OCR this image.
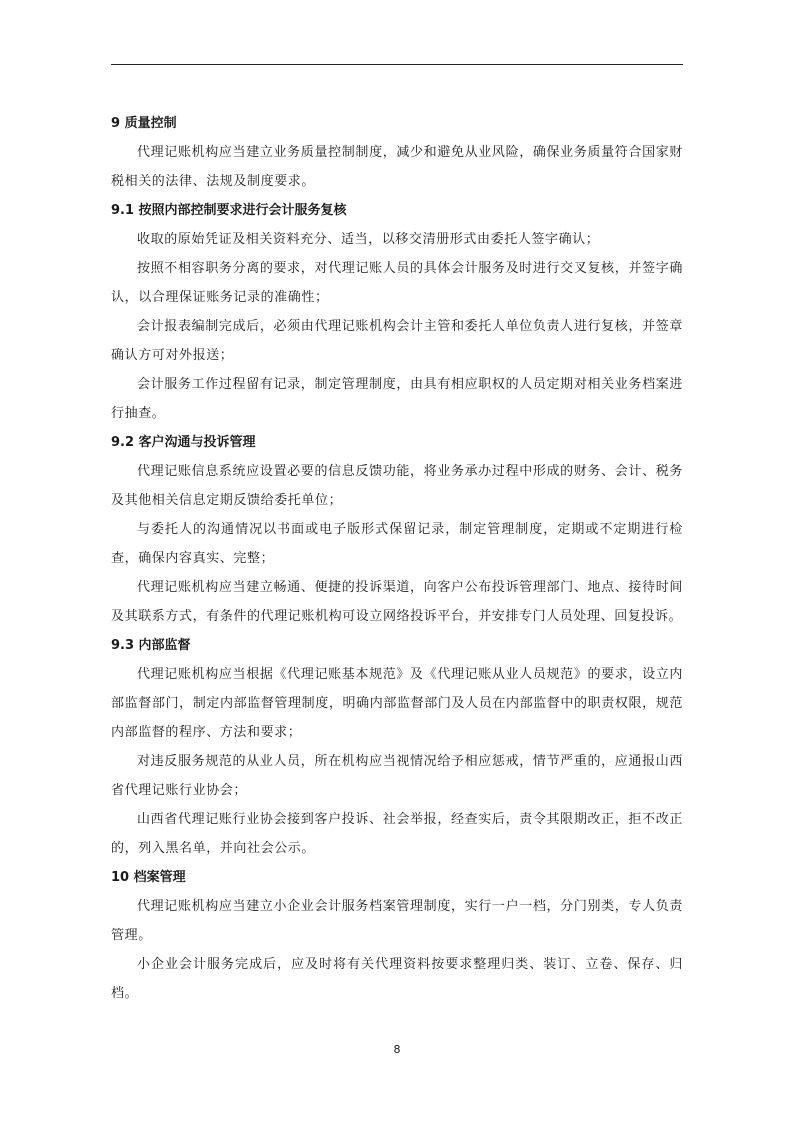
9 质量控制

代理记账机构应当建立业务质量控制制度，减少和避免从业风险，确保业务质量符合国家财税相关的法律、法规及制度要求。

9.1 按照内部控制要求进行会计服务复核

收取的原始凭证及相关资料充分、适当，以移交清册形式由委托人签字确认；

按照不相容职务分离的要求，对代理记账人员的具体会计服务及时进行交叉复核，并签字确认，以合理保证账务记录的准确性；

会计报表编制完成后，必须由代理记账机构会计主管和委托人单位负责人进行复核，并签章确认方可对外报送；

会计服务工作过程留有记录，制定管理制度，由具有相应职权的人员定期对相关业务档案进行抽查。

9.2 客户沟通与投诉管理

代理记账信息系统应设置必要的信息反馈功能，将业务承办过程中形成的财务、会计、税务及其他相关信息定期反馈给委托单位；

与委托人的沟通情况以书面或电子版形式保留记录，制定管理制度，定期或不定期进行检查，确保内容真实、完整；

代理记账机构应当建立畅通、便捷的投诉渠道，向客户公布投诉管理部门、地点、接待时间及其联系方式，有条件的代理记账机构可设立网络投诉平台，并安排专门人员处理、回复投诉。

9.3 内部监督

代理记账机构应当根据《代理记账基本规范》及《代理记账从业人员规范》的要求，设立内部监督部门，制定内部监督管理制度，明确内部监督部门及人员在内部监督中的职责权限，规范内部监督的程序、方法和要求；

对违反服务规范的从业人员，所在机构应当视情况给予相应惩戒，情节严重的，应通报山西省代理记账行业协会；

山西省代理记账行业协会接到客户投诉、社会举报，经查实后，责令其限期改正，拒不改正的，列入黑名单，并向社会公示。

10 档案管理

代理记账机构应当建立小企业会计服务档案管理制度，实行一户一档，分门别类，专人负责管理。

小企业会计服务完成后，应及时将有关代理资料按要求整理归类、装订、立卷、保存、归档。

8
